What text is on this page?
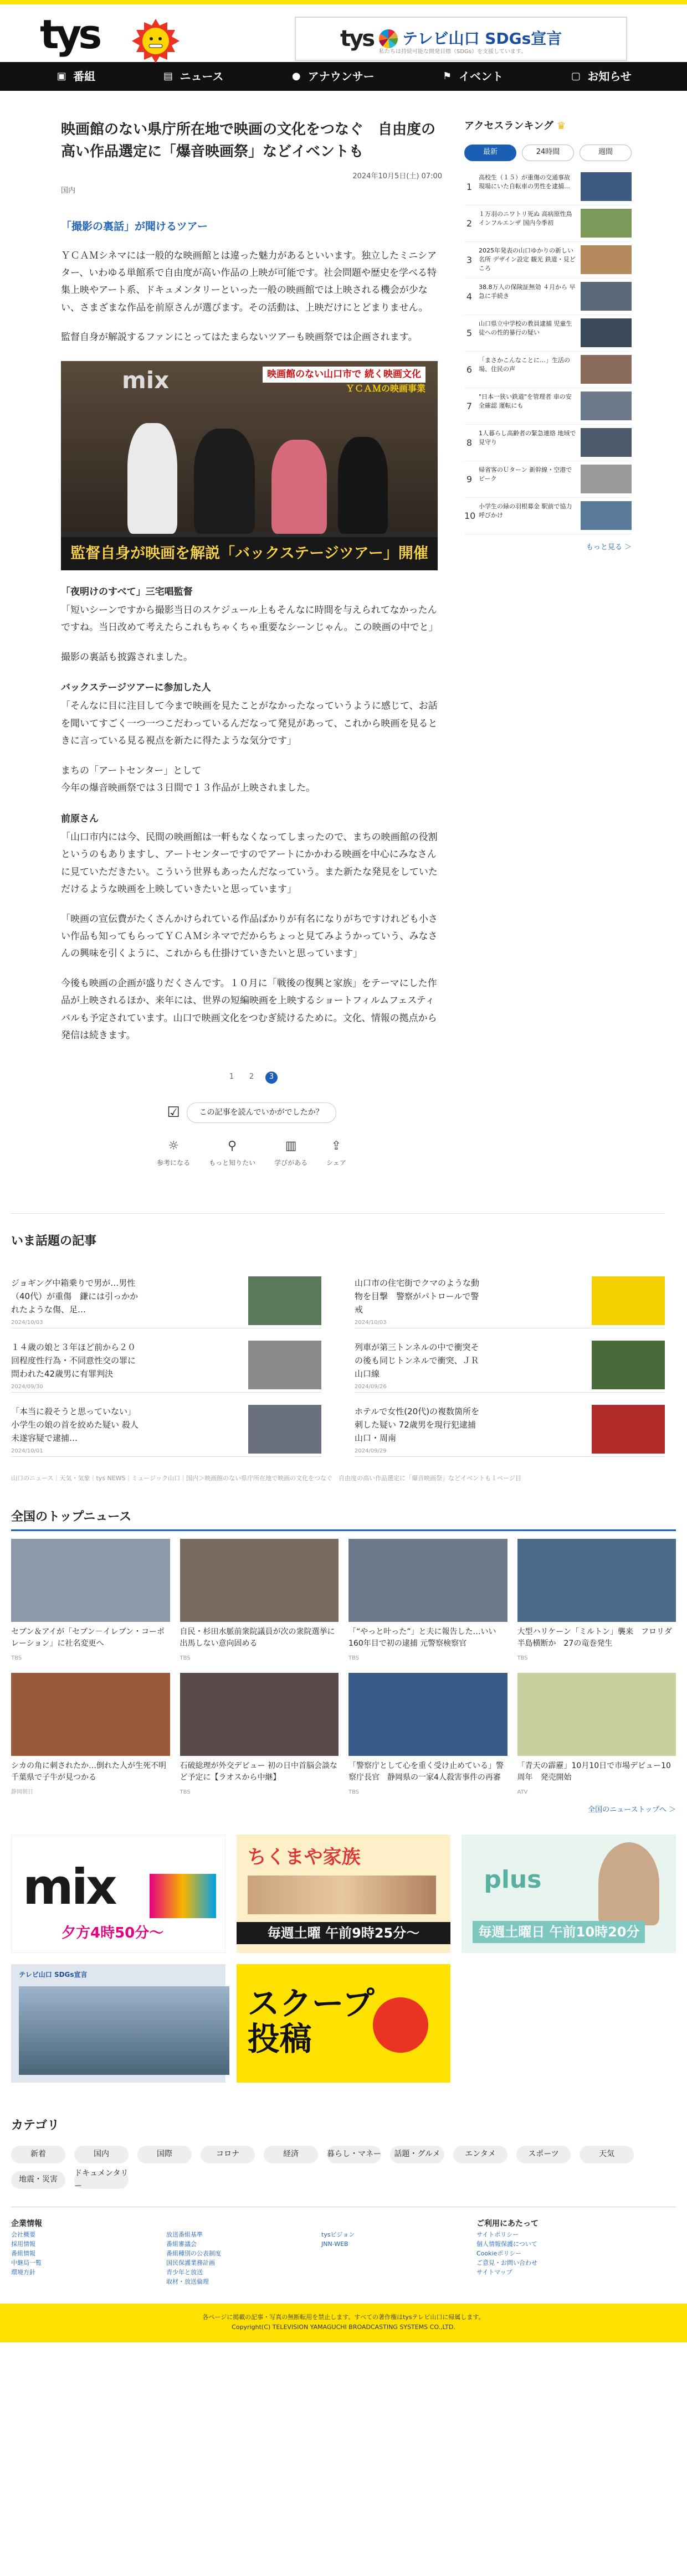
tys	tys テレビ山口 SDGs宣言
私たちは持続可能な開発目標（SDGs）を支援しています。
▣ 番組	▤ ニュース	● アナウンサー	⚑ イベント	▢ お知らせ
映画館のない県庁所在地で映画の文化をつなぐ　自由度の高い作品選定に「爆音映画祭」などイベントも
2024年10月5日(土) 07:00
国内
「撮影の裏話」が聞けるツアー

ＹＣＡＭシネマには一般的な映画館とは違った魅力があるといいます。独立したミニシアター、いわゆる単館系で自由度が高い作品の上映が可能です。社会問題や歴史を学べる特集上映やアート系、ドキュメンタリーといった一般の映画館では上映される機会が少ない、さまざまな作品を前原さんが選びます。その活動は、上映だけにとどまりません。

監督自身が解説するファンにとってはたまらないツアーも映画祭では企画されます。

mix	映画館のない山口市で 続く映画文化
ＹＣＡＭの映画事業
監督自身が映画を解説「バックステージツアー」開催
「夜明けのすべて」三宅唱監督

「短いシーンですから撮影当日のスケジュール上もそんなに時間を与えられてなかったんですね。当日改めて考えたらこれもちゃくちゃ重要なシーンじゃん。この映画の中でと」

撮影の裏話も披露されました。

バックステージツアーに参加した人

「そんなに目に注目して今まで映画を見たことがなかったなっていうように感じて、お話を聞いてすごく一つ一つこだわっているんだなって発見があって、これから映画を見るときに言っている見る視点を新たに得たような気分です」

まちの「アートセンター」として

今年の爆音映画祭では３日間で１３作品が上映されました。

前原さん

「山口市内には今、民間の映画館は一軒もなくなってしまったので、まちの映画館の役割というのもありますし、アートセンターですのでアートにかかわる映画を中心にみなさんに見ていただきたい。こういう世界もあったんだなっていう。また新たな発見をしていただけるような映画を上映していきたいと思っています」

「映画の宣伝費がたくさんかけられている作品ばかりが有名になりがちですけれども小さい作品も知ってもらってＹＣＡＭシネマでだからちょっと見てみようかっていう、みなさんの興味を引くように、これからも仕掛けていきたいと思っています」

今後も映画の企画が盛りだくさんです。１０月に「戦後の復興と家族」をテーマにした作品が上映されるほか、来年には、世界の短編映画を上映するショートフィルムフェスティバルも予定されています。山口で映画文化をつむぎ続けるために。文化、情報の拠点から発信は続きます。

1	2	3
☑	この記事を読んでいかがでしたか？
☼
参考になる
⚲
もっと知りたい
▥
学びがある
⇪
シェア
アクセスランキング ♛
最新	24時間	週間
1
高校生（１５）が重傷の交通事故　現場にいた自転車の男性を逮捕…
2
１万羽のニワトリ死ぬ 高病原性鳥インフルエンザ 国内今季初
3
2025年発表の山口ゆかりの新しい名所 デザイン設定 観光 鉄道・見どころ
4
38.8万人の保険証無効 ４月から 早急に手続き
5
山口県立中学校の教員逮捕 児童生徒への性的暴行の疑い
6
「まさかこんなことに…」生活の場、住民の声
7
"日本一狭い鉄道"を管理者 車の安全確認 運転にも
8
1人暮らし高齢者の緊急連絡 地域で見守り
9
帰省客のＵターン 新幹線・空港でピーク
10
小学生の緑の羽根募金 駅前で協力呼びかけ
もっと見る ＞
いま話題の記事
ジョギング中箱乗りで男が…男性（40代）が重傷　鎌には引っかかれたような傷、足…
2024/10/03
山口市の住宅街でクマのような動物を目撃　警察がパトロールで警戒
2024/10/03
１４歳の娘と３年ほど前から２０回程度性行為・不同意性交の罪に問われた42歳男に有罪判決
2024/09/30
列車が第三トンネルの中で衝突その後も同じトンネルで衝突、ＪＲ山口線
2024/09/26
「本当に殺そうと思っていない」小学生の娘の首を絞めた疑い 殺人未遂容疑で逮捕…
2024/10/01
ホテルで女性(20代)の複数箇所を刺した疑い 72歳男を現行犯逮捕　山口・周南
2024/09/29
山口のニュース｜天気・気象｜tys NEWS｜ミュージック山口｜国内＞映画館のない県庁所在地で映画の文化をつなぐ　自由度の高い作品選定に「爆音映画祭」などイベントも１ページ目
全国のトップニュース
セブン＆アイが「セブン－イレブン・コーポレーション」に社名変更へ
TBS
自民・杉田水脈前衆院議員が次の衆院選挙に出馬しない意向固める
TBS
「“やっと叶った”」と夫に報告した…いい 160年目で初の逮捕 元警察検察官
TBS
大型ハリケーン「ミルトン」襲来　フロリダ半島横断か　27の竜巻発生
TBS
シカの角に刺されたか…倒れた人が生死不明　千葉県で子牛が見つかる
静岡朝日
石破総理が外交デビュー 初の日中首脳会談など予定に【ラオスから中継】
TBS
「警察庁として心を重く受け止めている」警察庁長官　静岡県の一家4人殺害事件の再審
TBS
「青天の霹靂」10月10日で市場デビュー10周年　発売開始
ATV
全国のニューストップへ ＞
mix
夕方4時50分～
ちくまや家族
毎週土曜 午前9時25分～
plus
毎週土曜日 午前10時20分
テレビ山口 SDGs宣言
スクープ投稿
カテゴリ
新着	国内	国際	コロナ	経済	暮らし・マネー	話題・グルメ	エンタメ	スポーツ	天気
地震・災害
ドキュメンタリー
企業情報
会社概要
採用情報
番組情報
中継局一覧
環境方針

放送番組基準
番組審議会
番組種別の公表制度
国民保護業務計画
青少年と放送
取材・放送倫理

tysビジョン
JNN-WEB
ご利用にあたって
サイトポリシー
個人情報保護について
Cookieポリシー
ご意見・お問い合わせ
サイトマップ
各ページに掲載の記事・写真の無断転用を禁止します。すべての著作権はtysテレビ山口に帰属します。
Copyright(C) TELEVISION YAMAGUCHI BROADCASTING SYSTEMS CO.,LTD.
